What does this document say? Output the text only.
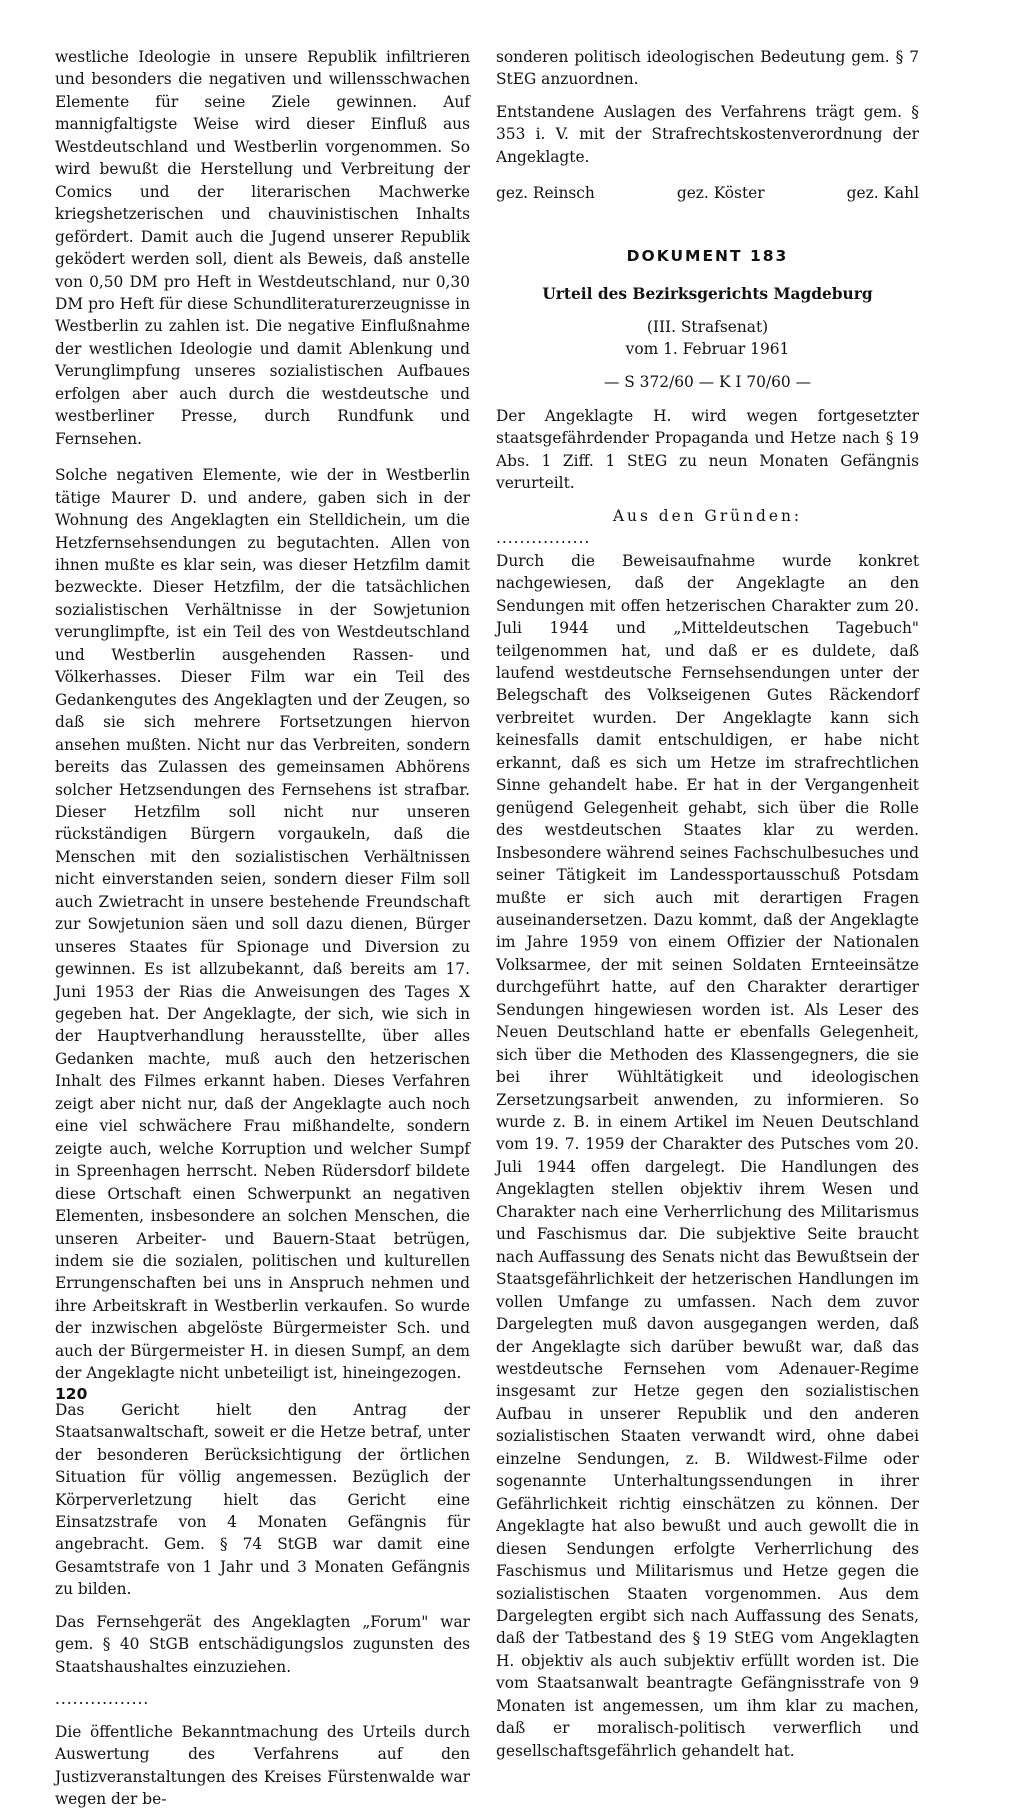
westliche Ideologie in unsere Republik infiltrieren und besonders die negativen und willensschwachen Elemente für seine Ziele gewinnen. Auf mannigfaltigste Weise wird dieser Einfluß aus Westdeutschland und Westberlin vorgenommen. So wird bewußt die Herstellung und Verbreitung der Comics und der literarischen Machwerke kriegshetzerischen und chauvinistischen Inhalts gefördert. Damit auch die Jugend unserer Republik geködert werden soll, dient als Beweis, daß anstelle von 0,50 DM pro Heft in Westdeutschland, nur 0,30 DM pro Heft für diese Schundliteraturerzeugnisse in Westberlin zu zahlen ist. Die negative Einflußnahme der westlichen Ideologie und damit Ablenkung und Verunglimpfung unseres sozialistischen Aufbaues erfolgen aber auch durch die westdeutsche und westberliner Presse, durch Rundfunk und Fernsehen.

Solche negativen Elemente, wie der in Westberlin tätige Maurer D. und andere, gaben sich in der Wohnung des Angeklagten ein Stelldichein, um die Hetzfernsehsendungen zu begutachten. Allen von ihnen mußte es klar sein, was dieser Hetzfilm damit bezweckte. Dieser Hetzfilm, der die tatsächlichen sozialistischen Verhältnisse in der Sowjetunion verunglimpfte, ist ein Teil des von Westdeutschland und Westberlin ausgehenden Rassen- und Völkerhasses. Dieser Film war ein Teil des Gedankengutes des Angeklagten und der Zeugen, so daß sie sich mehrere Fortsetzungen hiervon ansehen mußten. Nicht nur das Verbreiten, sondern bereits das Zulassen des gemeinsamen Abhörens solcher Hetzsendungen des Fernsehens ist strafbar. Dieser Hetzfilm soll nicht nur unseren rückständigen Bürgern vorgaukeln, daß die Menschen mit den sozialistischen Verhältnissen nicht einverstanden seien, sondern dieser Film soll auch Zwietracht in unsere bestehende Freundschaft zur Sowjetunion säen und soll dazu dienen, Bürger unseres Staates für Spionage und Diversion zu gewinnen. Es ist allzubekannt, daß bereits am 17. Juni 1953 der Rias die Anweisungen des Tages X gegeben hat. Der Angeklagte, der sich, wie sich in der Hauptverhandlung herausstellte, über alles Gedanken machte, muß auch den hetzerischen Inhalt des Filmes erkannt haben. Dieses Verfahren zeigt aber nicht nur, daß der Angeklagte auch noch eine viel schwächere Frau mißhandelte, sondern zeigte auch, welche Korruption und welcher Sumpf in Spreenhagen herrscht. Neben Rüdersdorf bildete diese Ortschaft einen Schwerpunkt an negativen Elementen, insbesondere an solchen Menschen, die unseren Arbeiter- und Bauern-Staat betrügen, indem sie die sozialen, politischen und kulturellen Errungenschaften bei uns in Anspruch nehmen und ihre Arbeitskraft in Westberlin verkaufen. So wurde der inzwischen abgelöste Bürgermeister Sch. und auch der Bürgermeister H. in diesen Sumpf, an dem der Angeklagte nicht unbeteiligt ist, hineingezogen.

Das Gericht hielt den Antrag der Staatsanwaltschaft, soweit er die Hetze betraf, unter der besonderen Berücksichtigung der örtlichen Situation für völlig angemessen. Bezüglich der Körperverletzung hielt das Gericht eine Einsatzstrafe von 4 Monaten Gefängnis für angebracht. Gem. § 74 StGB war damit eine Gesamtstrafe von 1 Jahr und 3 Monaten Gefängnis zu bilden.

Das Fernsehgerät des Angeklagten „Forum" war gem. § 40 StGB entschädigungslos zugunsten des Staatshaushaltes einzuziehen.

................

Die öffentliche Bekanntmachung des Urteils durch Auswertung des Verfahrens auf den Justizveranstaltungen des Kreises Fürstenwalde war wegen der be-

sonderen politisch ideologischen Bedeutung gem. § 7 StEG anzuordnen.

Entstandene Auslagen des Verfahrens trägt gem. § 353 i. V. mit der Strafrechtskostenverordnung der Angeklagte.

gez. Reinsch	gez. Köster	gez. Kahl
DOKUMENT 183
Urteil des Bezirksgerichts Magdeburg
(III. Strafsenat)
vom 1. Februar 1961
— S 372/60 — K I 70/60 —

Der Angeklagte H. wird wegen fortgesetzter staatsgefährdender Propaganda und Hetze nach § 19 Abs. 1 Ziff. 1 StEG zu neun Monaten Gefängnis verurteilt.

Aus den Gründen:

................

Durch die Beweisaufnahme wurde konkret nachgewiesen, daß der Angeklagte an den Sendungen mit offen hetzerischen Charakter zum 20. Juli 1944 und „Mitteldeutschen Tagebuch" teilgenommen hat, und daß er es duldete, daß laufend westdeutsche Fernsehsendungen unter der Belegschaft des Volkseigenen Gutes Räckendorf verbreitet wurden. Der Angeklagte kann sich keinesfalls damit entschuldigen, er habe nicht erkannt, daß es sich um Hetze im strafrechtlichen Sinne gehandelt habe. Er hat in der Vergangenheit genügend Gelegenheit gehabt, sich über die Rolle des westdeutschen Staates klar zu werden. Insbesondere während seines Fachschulbesuches und seiner Tätigkeit im Landessportausschuß Potsdam mußte er sich auch mit derartigen Fragen auseinandersetzen. Dazu kommt, daß der Angeklagte im Jahre 1959 von einem Offizier der Nationalen Volksarmee, der mit seinen Soldaten Ernteeinsätze durchgeführt hatte, auf den Charakter derartiger Sendungen hingewiesen worden ist. Als Leser des Neuen Deutschland hatte er ebenfalls Gelegenheit, sich über die Methoden des Klassengegners, die sie bei ihrer Wühltätigkeit und ideologischen Zersetzungsarbeit anwenden, zu informieren. So wurde z. B. in einem Artikel im Neuen Deutschland vom 19. 7. 1959 der Charakter des Putsches vom 20. Juli 1944 offen dargelegt. Die Handlungen des Angeklagten stellen objektiv ihrem Wesen und Charakter nach eine Verherrlichung des Militarismus und Faschismus dar. Die subjektive Seite braucht nach Auffassung des Senats nicht das Bewußtsein der Staatsgefährlichkeit der hetzerischen Handlungen im vollen Umfange zu umfassen. Nach dem zuvor Dargelegten muß davon ausgegangen werden, daß der Angeklagte sich darüber bewußt war, daß das westdeutsche Fernsehen vom Adenauer-Regime insgesamt zur Hetze gegen den sozialistischen Aufbau in unserer Republik und den anderen sozialistischen Staaten verwandt wird, ohne dabei einzelne Sendungen, z. B. Wildwest-Filme oder sogenannte Unterhaltungssendungen in ihrer Gefährlichkeit richtig einschätzen zu können. Der Angeklagte hat also bewußt und auch gewollt die in diesen Sendungen erfolgte Verherrlichung des Faschismus und Militarismus und Hetze gegen die sozialistischen Staaten vorgenommen. Aus dem Dargelegten ergibt sich nach Auffassung des Senats, daß der Tatbestand des § 19 StEG vom Angeklagten H. objektiv als auch subjektiv erfüllt worden ist. Die vom Staatsanwalt beantragte Gefängnisstrafe von 9 Monaten ist angemessen, um ihm klar zu machen, daß er moralisch-politisch verwerflich und gesellschaftsgefährlich gehandelt hat.

120
